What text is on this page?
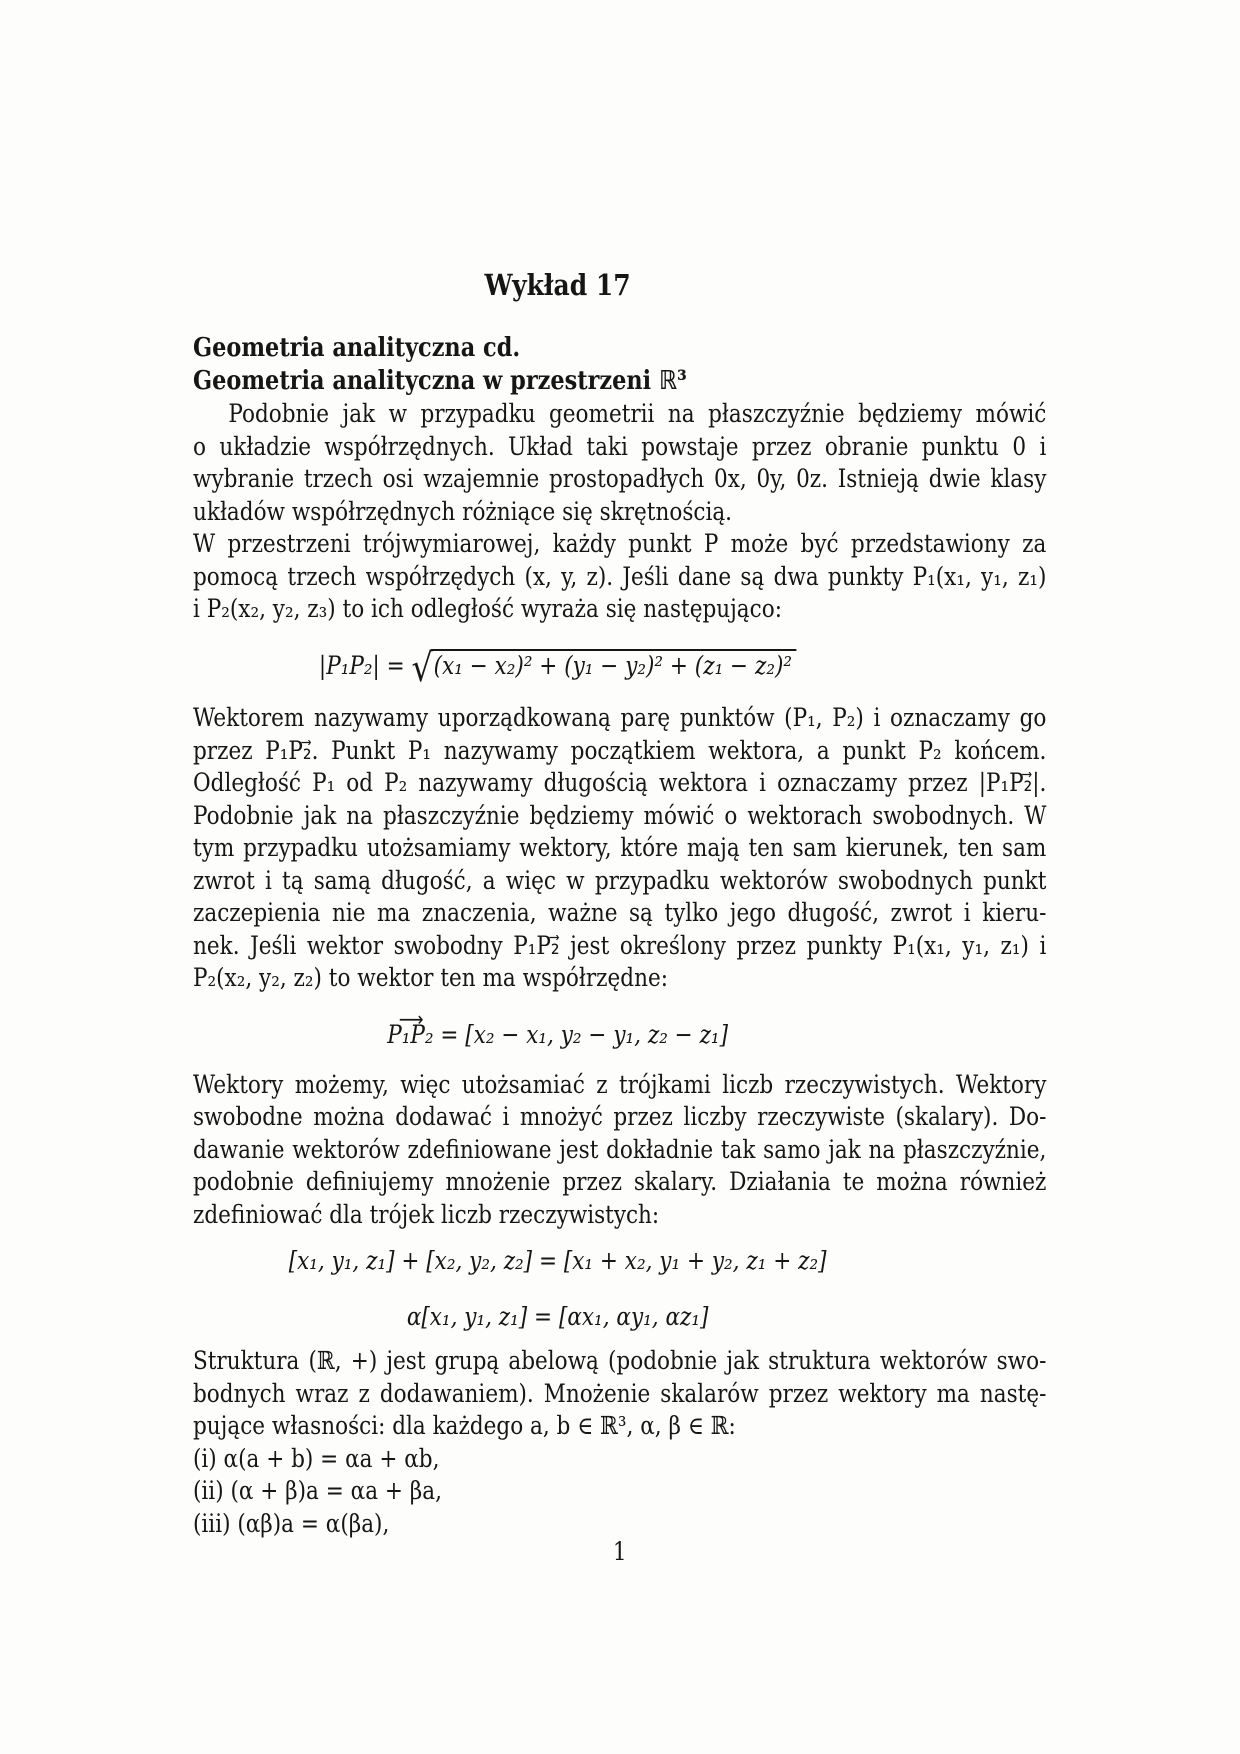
Wykład 17
Geometria analityczna cd.
Geometria analityczna w przestrzeni ℝ³
Podobnie jak w przypadku geometrii na płaszczyźnie będziemy mówić
o układzie współrzędnych. Układ taki powstaje przez obranie punktu 0 i
wybranie trzech osi wzajemnie prostopadłych 0x, 0y, 0z. Istnieją dwie klasy
układów współrzędnych różniące się skrętnością.
W przestrzeni trójwymiarowej, każdy punkt P może być przedstawiony za
pomocą trzech współrzędych (x, y, z). Jeśli dane są dwa punkty P₁(x₁, y₁, z₁)
i P₂(x₂, y₂, z₃) to ich odległość wyraża się następująco:
|P₁P₂| = √ (x₁ − x₂)² + (y₁ − y₂)² + (z₁ − z₂)²
Wektorem nazywamy uporządkowaną parę punktów (P₁, P₂) i oznaczamy go
przez P₁P₂⃗. Punkt P₁ nazywamy początkiem wektora, a punkt P₂ końcem.
Odległość P₁ od P₂ nazywamy długością wektora i oznaczamy przez |P₁P₂⃗|.
Podobnie jak na płaszczyźnie będziemy mówić o wektorach swobodnych. W
tym przypadku utożsamiamy wektory, które mają ten sam kierunek, ten sam
zwrot i tą samą długość, a więc w przypadku wektorów swobodnych punkt
zaczepienia nie ma znaczenia, ważne są tylko jego długość, zwrot i kieru-
nek. Jeśli wektor swobodny P₁P₂⃗ jest określony przez punkty P₁(x₁, y₁, z₁) i
P₂(x₂, y₂, z₂) to wektor ten ma współrzędne:
P₁P₂ ⟶ = [x₂ − x₁, y₂ − y₁, z₂ − z₁]
Wektory możemy, więc utożsamiać z trójkami liczb rzeczywistych. Wektory
swobodne można dodawać i mnożyć przez liczby rzeczywiste (skalary). Do-
dawanie wektorów zdefiniowane jest dokładnie tak samo jak na płaszczyźnie,
podobnie definiujemy mnożenie przez skalary. Działania te można również
zdefiniować dla trójek liczb rzeczywistych:
[x₁, y₁, z₁] + [x₂, y₂, z₂] = [x₁ + x₂, y₁ + y₂, z₁ + z₂]
α[x₁, y₁, z₁] = [αx₁, αy₁, αz₁]
Struktura (ℝ, +) jest grupą abelową (podobnie jak struktura wektorów swo-
bodnych wraz z dodawaniem). Mnożenie skalarów przez wektory ma nastę-
pujące własności: dla każdego a, b ∈ ℝ³, α, β ∈ ℝ:
(i) α(a + b) = αa + αb,
(ii) (α + β)a = αa + βa,
(iii) (αβ)a = α(βa),
1
